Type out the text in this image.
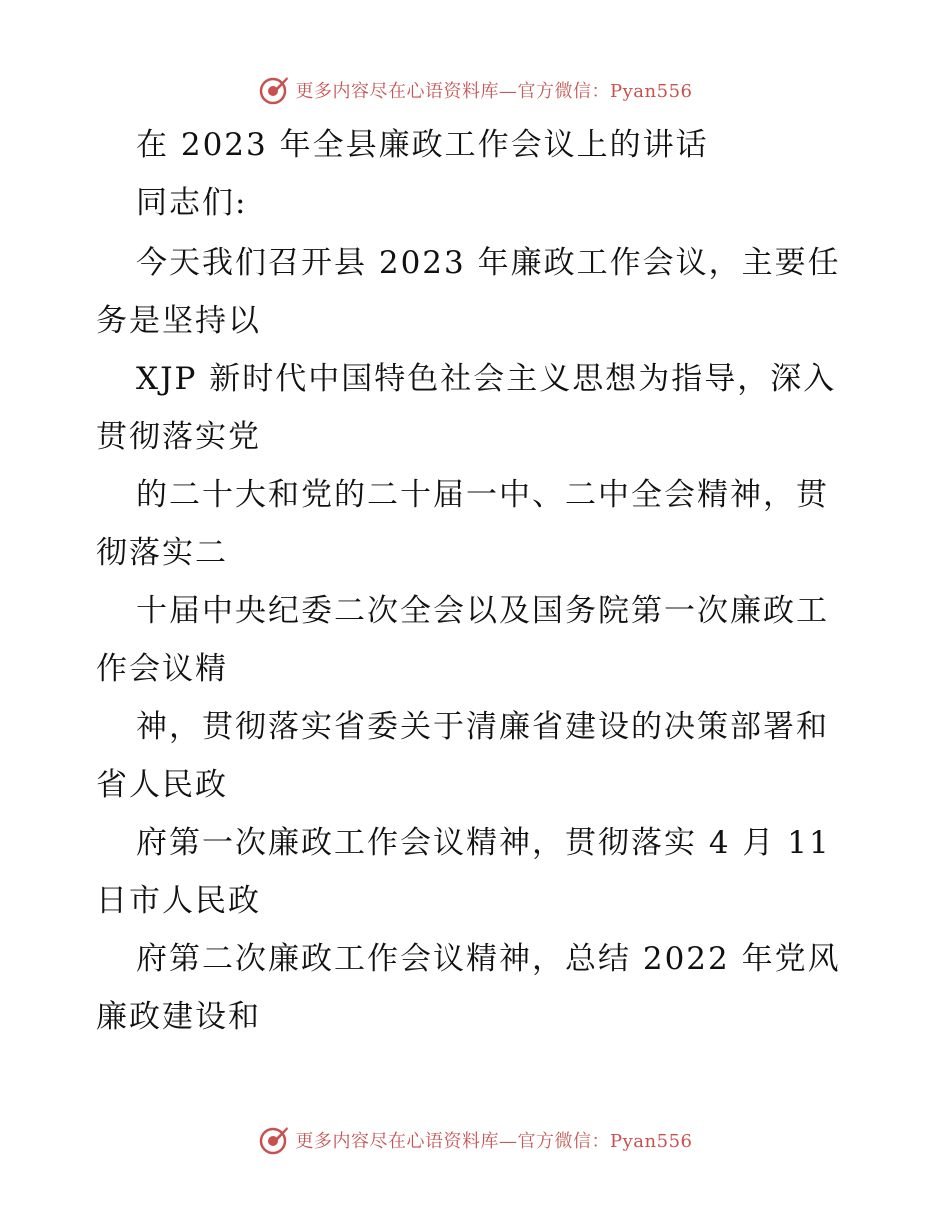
更多内容尽在心语资料库—官方微信：Pyan556
在 2023 年全县廉政工作会议上的讲话
同志们:
今天我们召开县 2023 年廉政工作会议，主要任
务是坚持以
XJP 新时代中国特色社会主义思想为指导，深入
贯彻落实党
的二十大和党的二十届一中、二中全会精神，贯
彻落实二
十届中央纪委二次全会以及国务院第一次廉政工
作会议精
神，贯彻落实省委关于清廉省建设的决策部署和
省人民政
府第一次廉政工作会议精神，贯彻落实 4 月 11
日市人民政
府第二次廉政工作会议精神，总结 2022 年党风
廉政建设和
更多内容尽在心语资料库—官方微信：Pyan556
